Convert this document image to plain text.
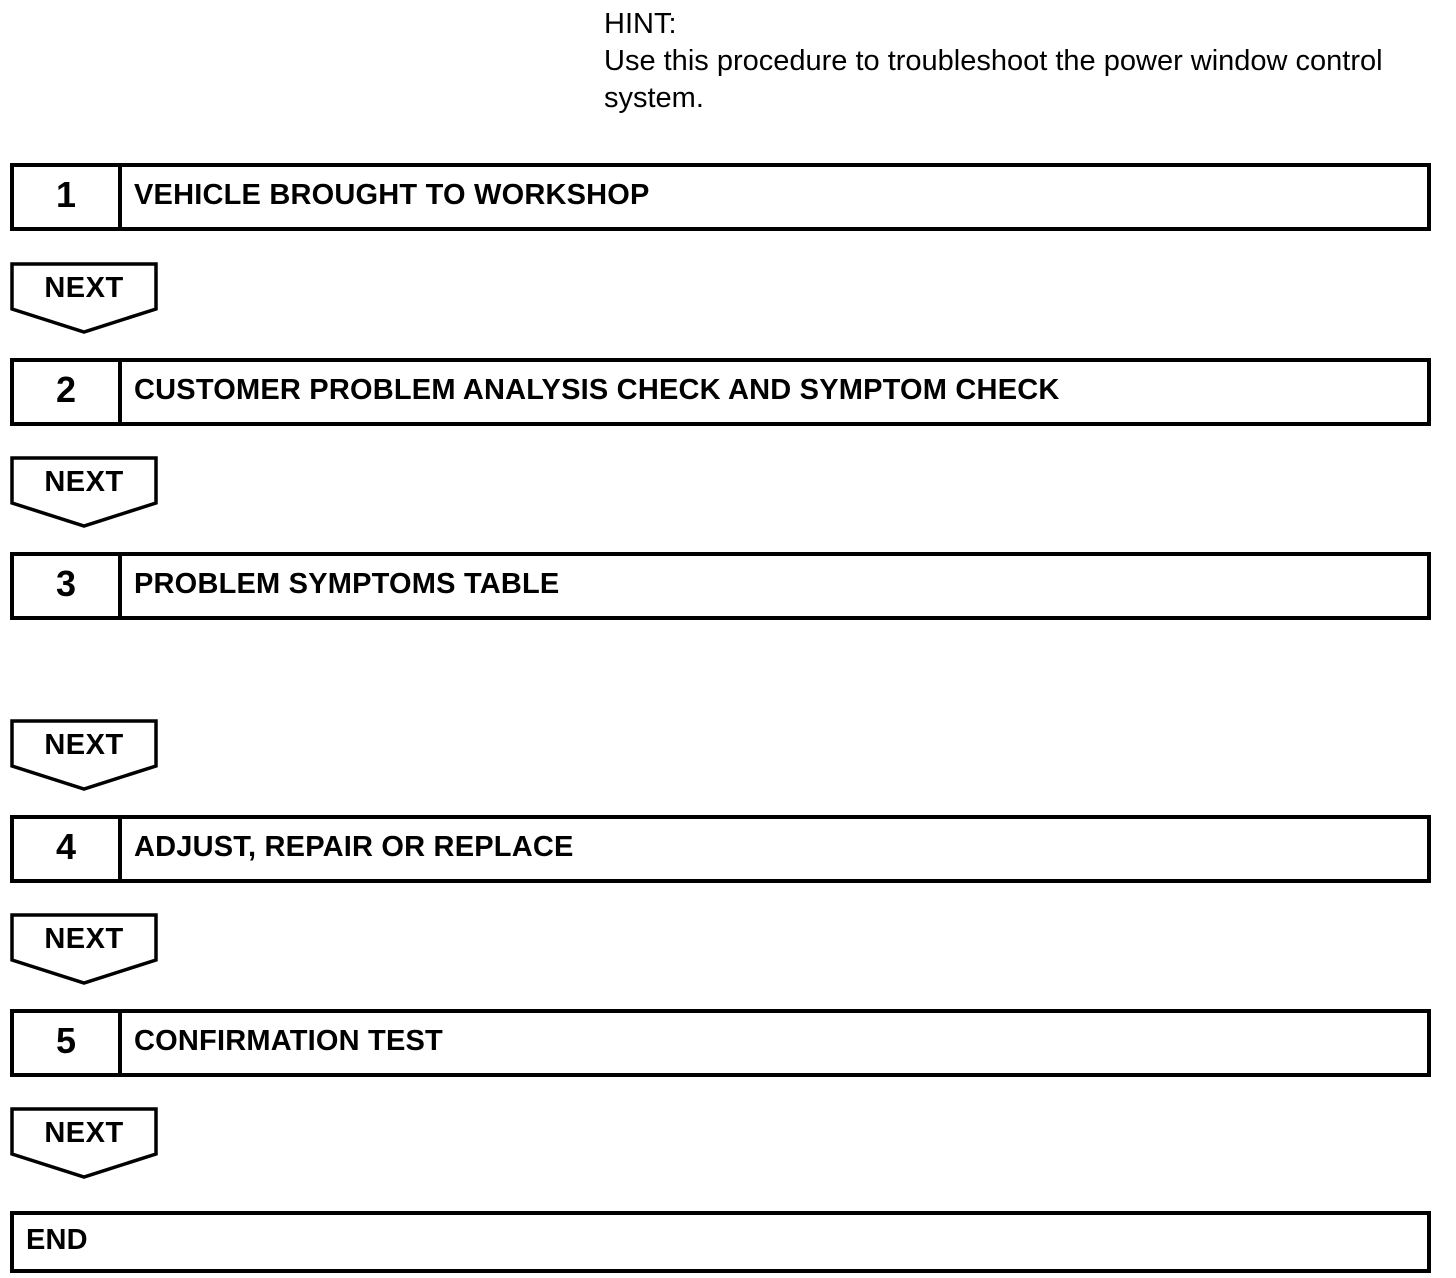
HINT:
Use this procedure to troubleshoot the power window control
system.
1	VEHICLE BROUGHT TO WORKSHOP
NEXT
2	CUSTOMER PROBLEM ANALYSIS CHECK AND SYMPTOM CHECK
NEXT
3	PROBLEM SYMPTOMS TABLE
NEXT
4	ADJUST, REPAIR OR REPLACE
NEXT
5	CONFIRMATION TEST
NEXT
END
